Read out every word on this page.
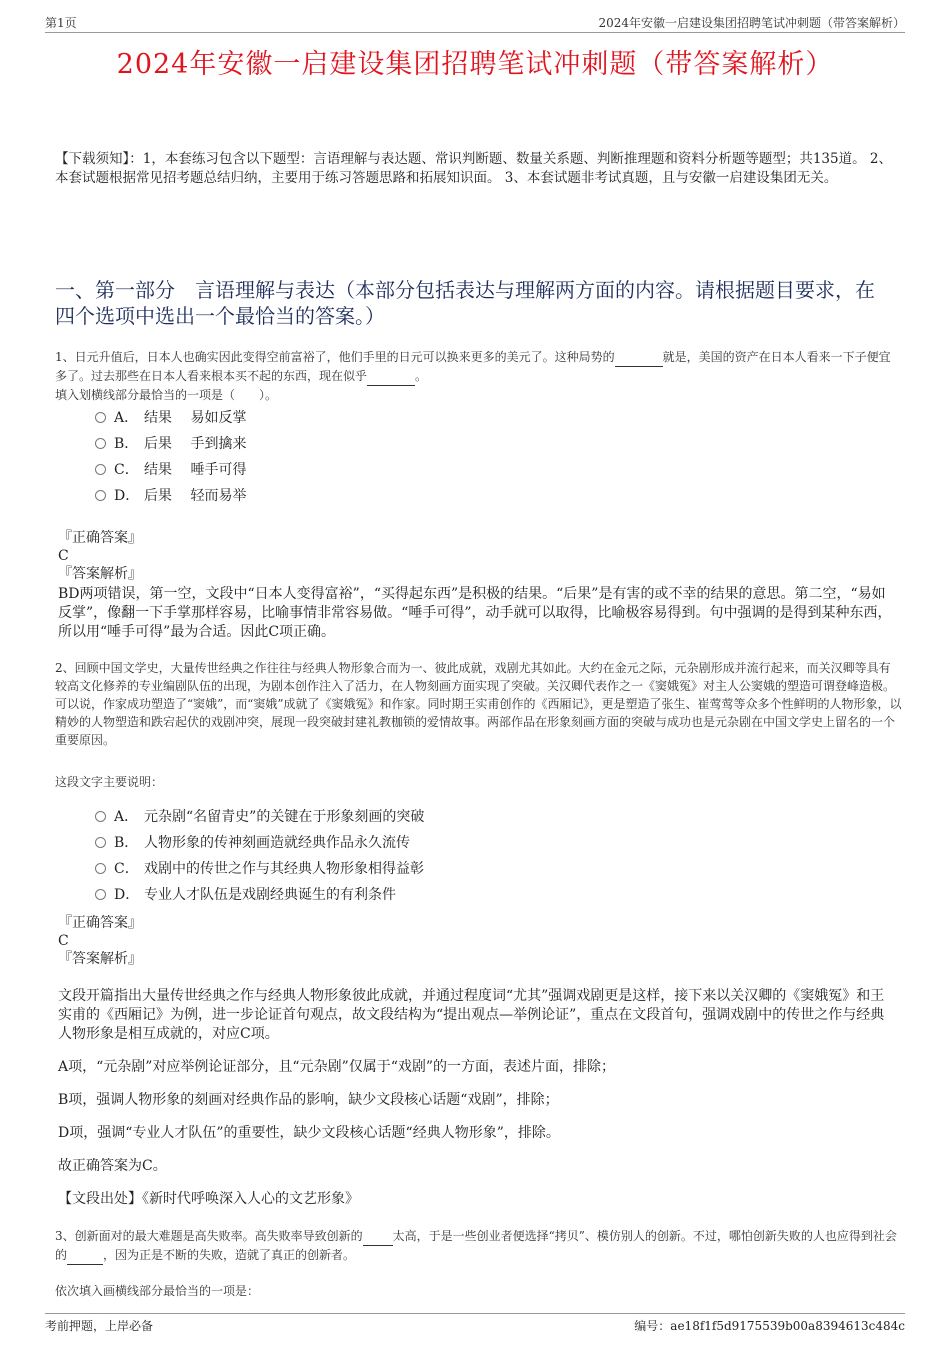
第1页	2024年安徽一启建设集团招聘笔试冲刺题（带答案解析）
2024年安徽一启建设集团招聘笔试冲刺题（带答案解析）
【下载须知】：1，本套练习包含以下题型：言语理解与表达题、常识判断题、数量关系题、判断推理题和资料分析题等题型；共135道。 2、本套试题根据常见招考题总结归纳，主要用于练习答题思路和拓展知识面。 3、本套试题非考试真题，且与安徽一启建设集团无关。
一、第一部分　言语理解与表达（本部分包括表达与理解两方面的内容。请根据题目要求，在四个选项中选出一个最恰当的答案。）
1、日元升值后，日本人也确实因此变得空前富裕了，他们手里的日元可以换来更多的美元了。这种局势的	就是，美国的资产在日本人看来一下子便宜多了。过去那些在日本人看来根本买不起的东西，现在似乎	。
填入划横线部分最恰当的一项是（　　）。
A． 结果　 易如反掌
B． 后果　 手到擒来
C． 结果　 唾手可得
D． 后果　 轻而易举
『正确答案』
C
『答案解析』
BD两项错误，第一空，文段中“日本人变得富裕”，“买得起东西”是积极的结果。“后果”是有害的或不幸的结果的意思。第二空，“易如反掌”，像翻一下手掌那样容易，比喻事情非常容易做。“唾手可得”，动手就可以取得，比喻极容易得到。句中强调的是得到某种东西，所以用“唾手可得”最为合适。因此C项正确。
2、回顾中国文学史，大量传世经典之作往往与经典人物形象合而为一、彼此成就，戏剧尤其如此。大约在金元之际，元杂剧形成并流行起来，而关汉卿等具有较高文化修养的专业编剧队伍的出现，为剧本创作注入了活力，在人物刻画方面实现了突破。关汉卿代表作之一《窦娥冤》对主人公窦娥的塑造可谓登峰造极。可以说，作家成功塑造了“窦娥”，而“窦娥”成就了《窦娥冤》和作家。同时期王实甫创作的《西厢记》，更是塑造了张生、崔莺莺等众多个性鲜明的人物形象，以精妙的人物塑造和跌宕起伏的戏剧冲突，展现一段突破封建礼教枷锁的爱情故事。两部作品在形象刻画方面的突破与成功也是元杂剧在中国文学史上留名的一个重要原因。
这段文字主要说明：
A． 元杂剧“名留青史”的关键在于形象刻画的突破
B． 人物形象的传神刻画造就经典作品永久流传
C． 戏剧中的传世之作与其经典人物形象相得益彰
D． 专业人才队伍是戏剧经典诞生的有利条件
『正确答案』
C
『答案解析』

文段开篇指出大量传世经典之作与经典人物形象彼此成就，并通过程度词“尤其”强调戏剧更是这样，接下来以关汉卿的《窦娥冤》和王实甫的《西厢记》为例，进一步论证首句观点，故文段结构为“提出观点—举例论证”，重点在文段首句，强调戏剧中的传世之作与经典人物形象是相互成就的，对应C项。

A项，“元杂剧”对应举例论证部分，且“元杂剧”仅属于“戏剧”的一方面，表述片面，排除；

B项，强调人物形象的刻画对经典作品的影响，缺少文段核心话题“戏剧”，排除；

D项，强调“专业人才队伍”的重要性，缺少文段核心话题“经典人物形象”，排除。

故正确答案为C。

【文段出处】《新时代呼唤深入人心的文艺形象》

3、创新面对的最大难题是高失败率。高失败率导致创新的	太高，于是一些创业者便选择“拷贝”、模仿别人的创新。不过，哪怕创新失败的人也应得到社会的	，因为正是不断的失败，造就了真正的创新者。
依次填入画横线部分最恰当的一项是：
考前押题，上岸必备	编号：ae18f1f5d9175539b00a8394613c484c
